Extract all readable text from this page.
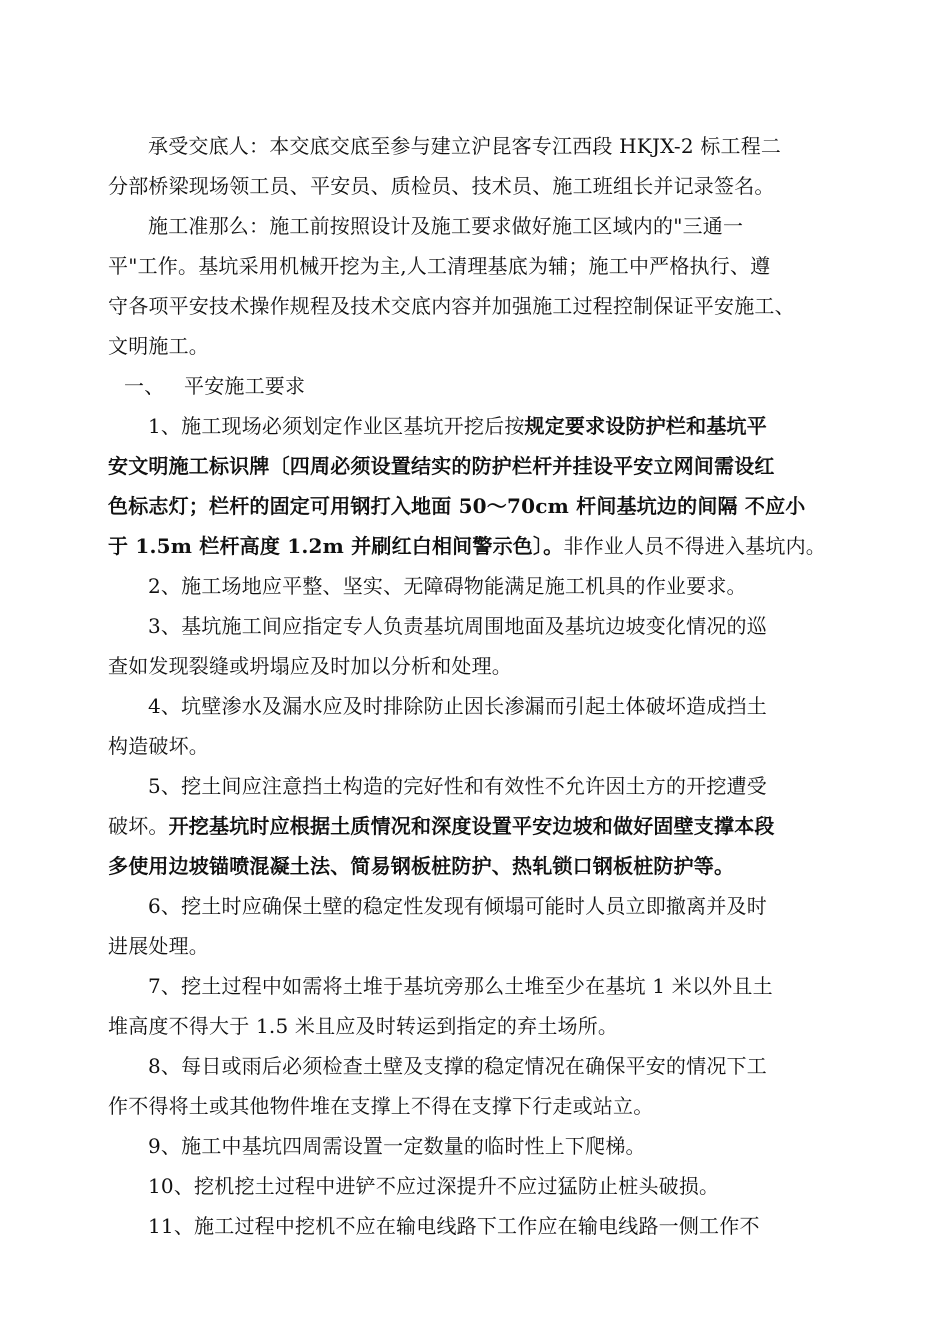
承受交底人：本交底交底至参与建立沪昆客专江西段 HKJX-2 标工程二
分部桥梁现场领工员、平安员、质检员、技术员、施工班组长并记录签名。
施工准那么：施工前按照设计及施工要求做好施工区域内的"三通一
平"工作。基坑采用机械开挖为主,人工清理基底为辅；施工中严格执行、遵
守各项平安技术操作规程及技术交底内容并加强施工过程控制保证平安施工、
文明施工。
一、 平安施工要求
1、施工现场必须划定作业区基坑开挖后按规定要求设防护栏和基坑平
安文明施工标识牌〔四周必须设置结实的防护栏杆并挂设平安立网间需设红
色标志灯；栏杆的固定可用钢打入地面 50～70cm 杆间基坑边的间隔 不应小
于 1.5m 栏杆高度 1.2m 并刷红白相间警示色〕。非作业人员不得进入基坑内。
2、施工场地应平整、坚实、无障碍物能满足施工机具的作业要求。
3、基坑施工间应指定专人负责基坑周围地面及基坑边坡变化情况的巡
查如发现裂缝或坍塌应及时加以分析和处理。
4、坑壁渗水及漏水应及时排除防止因长渗漏而引起土体破坏造成挡土
构造破坏。
5、挖土间应注意挡土构造的完好性和有效性不允许因土方的开挖遭受
破坏。开挖基坑时应根据土质情况和深度设置平安边坡和做好固壁支撑本段
多使用边坡锚喷混凝土法、简易钢板桩防护、热轧锁口钢板桩防护等。
6、挖土时应确保土壁的稳定性发现有倾塌可能时人员立即撤离并及时
进展处理。
7、挖土过程中如需将土堆于基坑旁那么土堆至少在基坑 1 米以外且土
堆高度不得大于 1.5 米且应及时转运到指定的弃土场所。
8、每日或雨后必须检查土壁及支撑的稳定情况在确保平安的情况下工
作不得将土或其他物件堆在支撑上不得在支撑下行走或站立。
9、施工中基坑四周需设置一定数量的临时性上下爬梯。
10、挖机挖土过程中进铲不应过深提升不应过猛防止桩头破损。
11、施工过程中挖机不应在输电线路下工作应在输电线路一侧工作不
